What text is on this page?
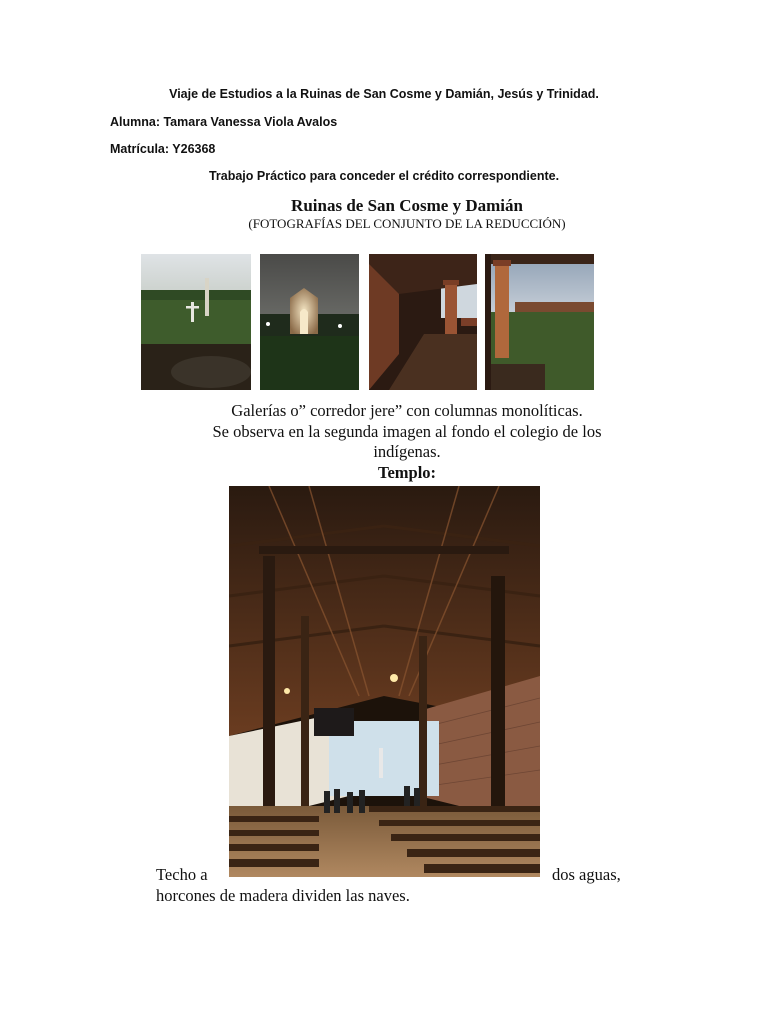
Viaje de Estudios a la Ruinas de San Cosme y Damián, Jesús y Trinidad.
Alumna: Tamara Vanessa Viola Avalos
Matrícula: Y26368
Trabajo Práctico para conceder el crédito correspondiente.
Ruinas de San Cosme y Damián
(FOTOGRAFÍAS DEL CONJUNTO DE LA REDUCCIÓN)
Galerías o” corredor jere” con columnas monolíticas.
Se observa en la segunda imagen al fondo el colegio de los
indígenas.
Templo:
Techo a	dos aguas,
horcones de madera dividen las naves.
